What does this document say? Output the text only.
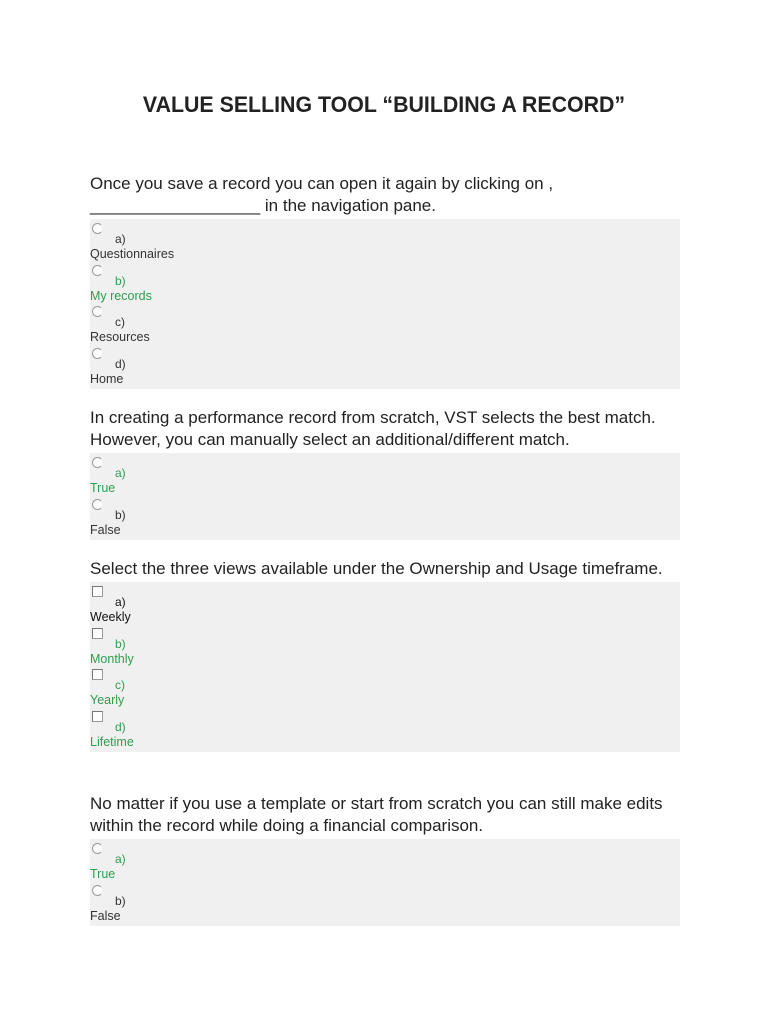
VALUE SELLING TOOL “BUILDING A RECORD”

Once you save a record you can open it again by clicking on , __________________ in the navigation pane.

a)
Questionnaires
b)
My records
c)
Resources
d)
Home

In creating a performance record from scratch, VST selects the best match. However, you can manually select an additional/different match.

a)
True
b)
False

Select the three views available under the Ownership and Usage timeframe.

a)
Weekly
b)
Monthly
c)
Yearly
d)
Lifetime

No matter if you use a template or start from scratch you can still make edits within the record while doing a financial comparison.

a)
True
b)
False
